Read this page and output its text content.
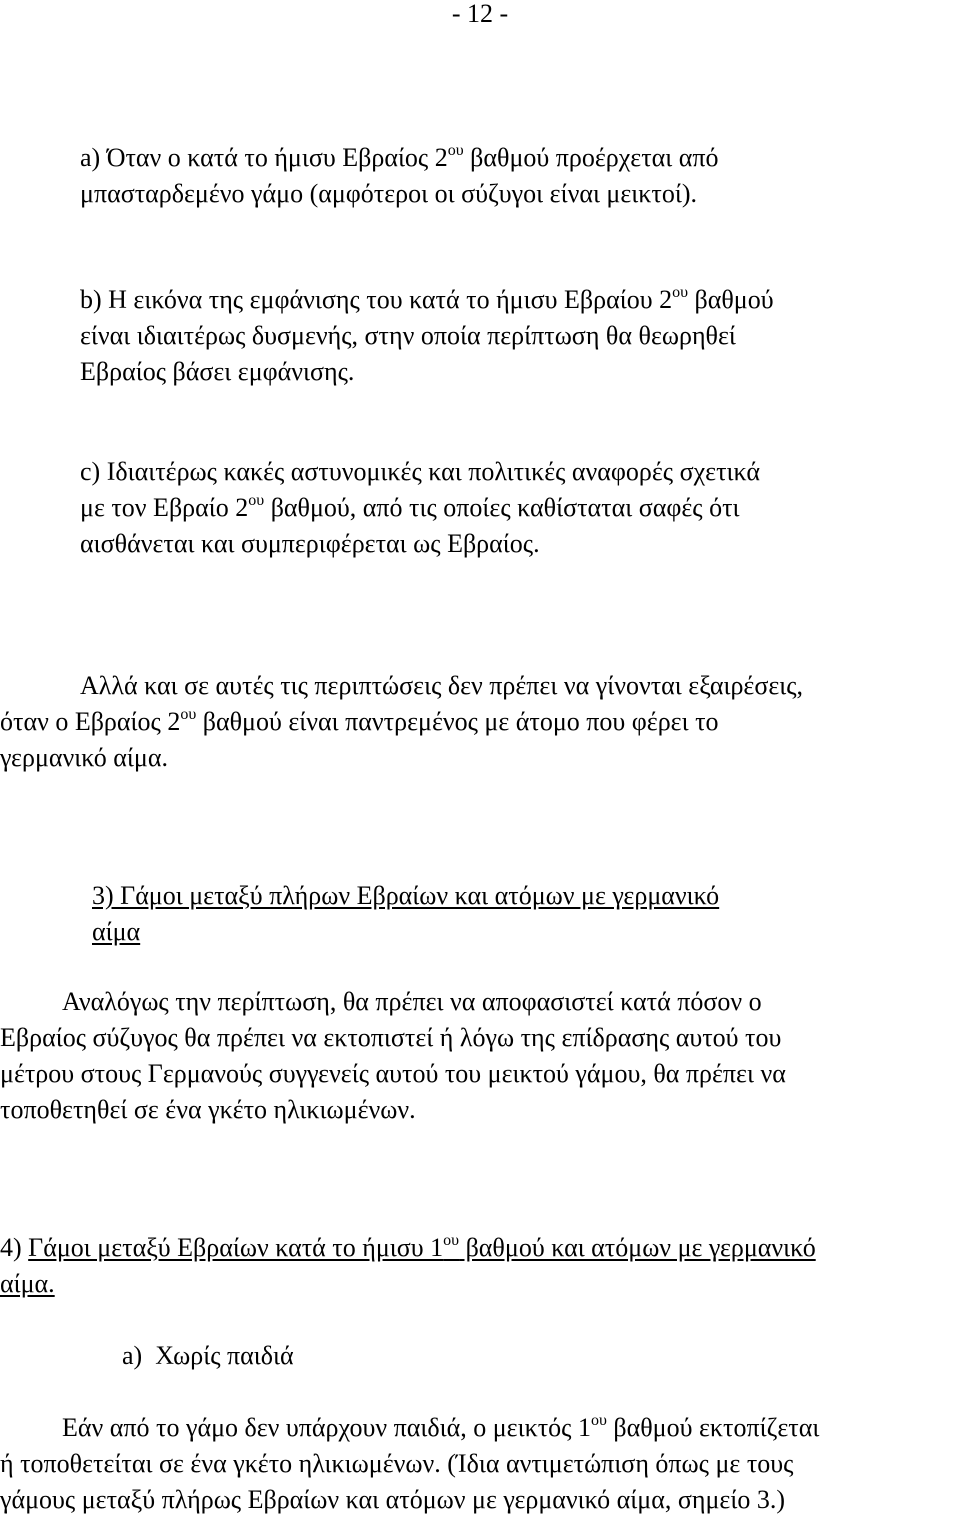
- 12 -

a) Όταν ο κατά το ήμισυ Εβραίος $2^{o\upsilon}$ βαθμού προέρχεται από
μπασταρδεμένο γάμο (αμφότεροι οι σύζυγοι είναι μεικτοί).

b) Η εικόνα της εμφάνισης του κατά το ήμισυ Εβραίου $2^{o\upsilon}$ βαθμού
είναι ιδιαιτέρως δυσμενής, στην οποία περίπτωση θα θεωρηθεί
Εβραίος βάσει εμφάνισης.

c) Ιδιαιτέρως κακές αστυνομικές και πολιτικές αναφορές σχετικά
με τον Εβραίο $2^{o\upsilon}$ βαθμού, από τις οποίες καθίσταται σαφές ότι
αισθάνεται και συμπεριφέρεται ως Εβραίος.

Αλλά και σε αυτές τις περιπτώσεις δεν πρέπει να γίνονται εξαιρέσεις,
όταν ο Εβραίος $2^{o\upsilon}$ βαθμού είναι παντρεμένος με άτομο που φέρει το
γερμανικό αίμα.

3) Γάμοι μεταξύ πλήρων Εβραίων και ατόμων με γερμανικό
αίμα

Αναλόγως την περίπτωση, θα πρέπει να αποφασιστεί κατά πόσον ο
Εβραίος σύζυγος θα πρέπει να εκτοπιστεί ή λόγω της επίδρασης αυτού του
μέτρου στους Γερμανούς συγγενείς αυτού του μεικτού γάμου, θα πρέπει να
τοποθετηθεί σε ένα γκέτο ηλικιωμένων.

4) Γάμοι μεταξύ Εβραίων κατά το ήμισυ $1^{o\upsilon}$ βαθμού και ατόμων με γερμανικό
αίμα.

a)  Χωρίς παιδιά

Εάν από το γάμο δεν υπάρχουν παιδιά, ο μεικτός $1^{o\upsilon}$ βαθμού εκτοπίζεται
ή τοποθετείται σε ένα γκέτο ηλικιωμένων. (Ίδια αντιμετώπιση όπως με τους
γάμους μεταξύ πλήρως Εβραίων και ατόμων με γερμανικό αίμα, σημείο 3.)
